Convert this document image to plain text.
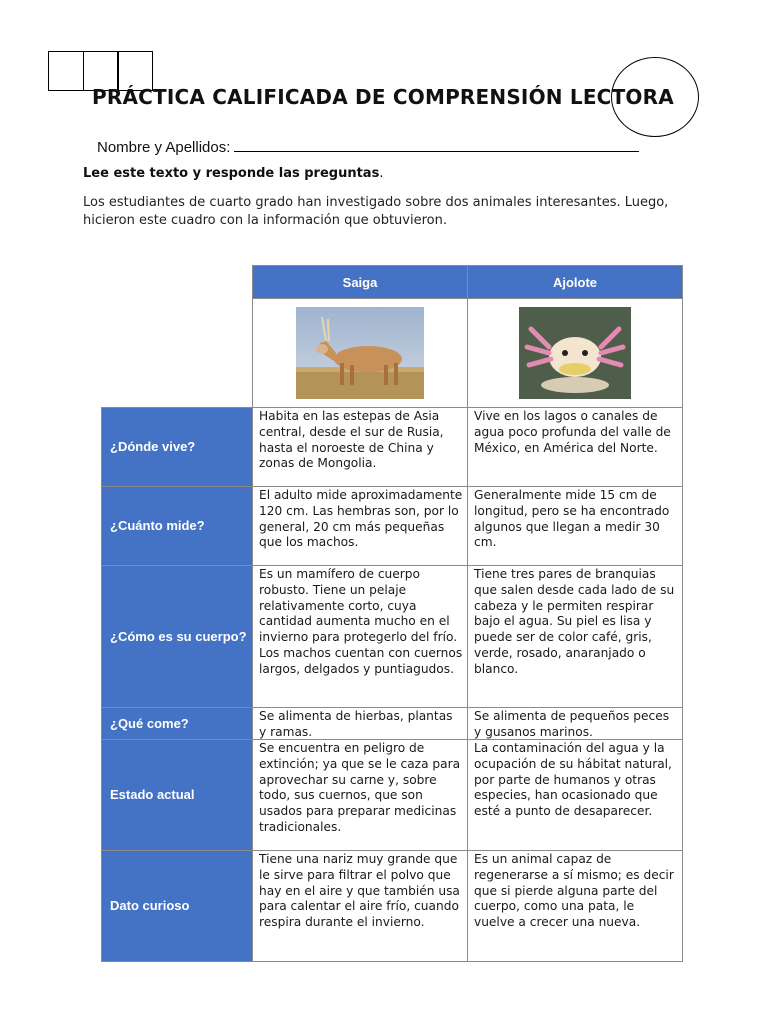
PRÁCTICA CALIFICADA DE COMPRENSIÓN LECTORA
Nombre y Apellidos:
Lee este texto y responde las preguntas.
Los estudiantes de cuarto grado han investigado sobre dos animales interesantes. Luego, hicieron este cuadro con la información que obtuvieron.
Saiga	Ajolote
¿Dónde vive?
Habita en las estepas de Asia central, desde el sur de Rusia, hasta el noroeste de China y zonas de Mongolia.
Vive en los lagos o canales de agua poco profunda del valle de México, en América del Norte.
¿Cuánto mide?
El adulto mide aproximadamente 120 cm. Las hembras son, por lo general, 20 cm más pequeñas que los machos.
Generalmente mide 15 cm de longitud, pero se ha encontrado algunos que llegan a medir 30 cm.
¿Cómo es su cuerpo?
Es un mamífero de cuerpo robusto. Tiene un pelaje relativamente corto, cuya cantidad aumenta mucho en el invierno para protegerlo del frío. Los machos cuentan con cuernos largos, delgados y puntiagudos.
Tiene tres pares de branquias que salen desde cada lado de su cabeza y le permiten respirar bajo el agua. Su piel es lisa y puede ser de color café, gris, verde, rosado, anaranjado o blanco.
¿Qué come?	Se alimenta de hierbas, plantas y ramas.
Se alimenta de pequeños peces y gusanos marinos.
Estado actual
Se encuentra en peligro de extinción; ya que se le caza para aprovechar su carne y, sobre todo, sus cuernos, que son usados para preparar medicinas tradicionales.
La contaminación del agua y la ocupación de su hábitat natural, por parte de humanos y otras especies, han ocasionado que esté a punto de desaparecer.
Dato curioso
Tiene una nariz muy grande que le sirve para filtrar el polvo que hay en el aire y que también usa para calentar el aire frío, cuando respira durante el invierno.
Es un animal capaz de regenerarse a sí mismo; es decir que si pierde alguna parte del cuerpo, como una pata, le vuelve a crecer una nueva.
